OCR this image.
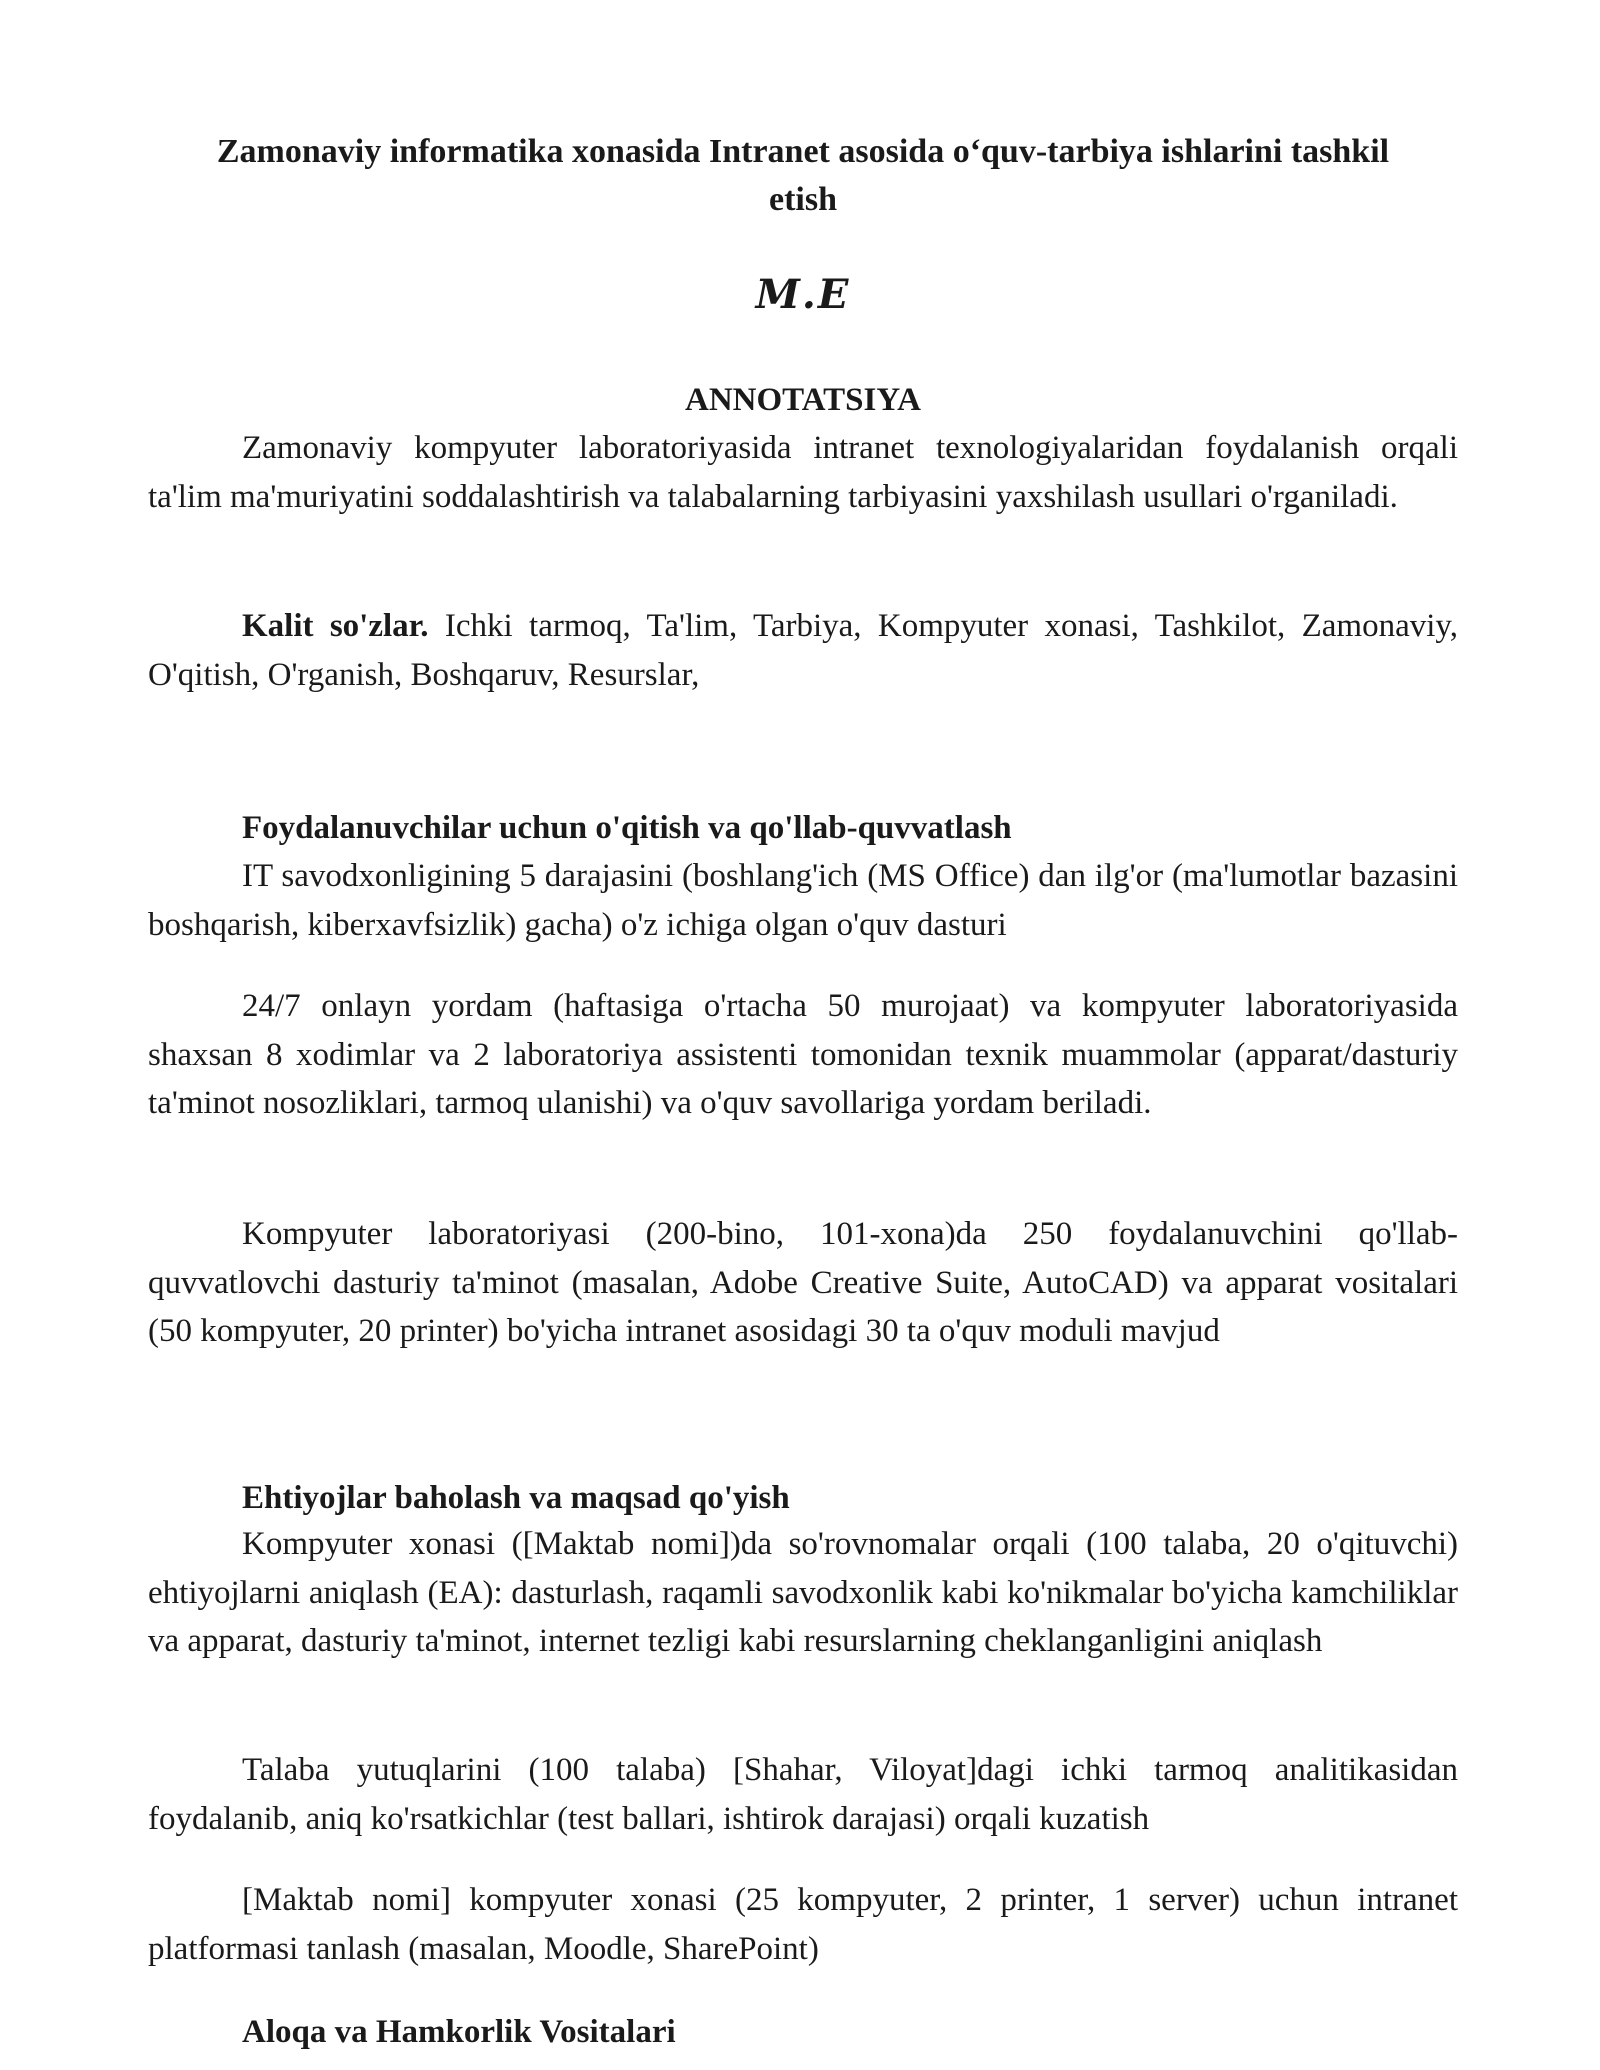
Zamonaviy informatika xonasida Intranet asosida o‘quv-tarbiya ishlarini tashkil etish
M.E
ANNOTATSIYA

Zamonaviy kompyuter laboratoriyasida intranet texnologiyalaridan foydalanish orqali ta'lim ma'muriyatini soddalashtirish va talabalarning tarbiyasini yaxshilash usullari o'rganiladi.

Kalit so'zlar. Ichki tarmoq, Ta'lim, Tarbiya, Kompyuter xonasi, Tashkilot, Zamonaviy, O'qitish, O'rganish, Boshqaruv, Resurslar,

Foydalanuvchilar uchun o'qitish va qo'llab-quvvatlash

IT savodxonligining 5 darajasini (boshlang'ich (MS Office) dan ilg'or (ma'lumotlar bazasini boshqarish, kiberxavfsizlik) gacha) o'z ichiga olgan o'quv dasturi

24/7 onlayn yordam (haftasiga o'rtacha 50 murojaat) va kompyuter laboratoriyasida shaxsan 8 xodimlar va 2 laboratoriya assistenti tomonidan texnik muammolar (apparat/dasturiy ta'minot nosozliklari, tarmoq ulanishi) va o'quv savollariga yordam beriladi.

Kompyuter laboratoriyasi (200-bino, 101-xona)da 250 foydalanuvchini qo'llab-quvvatlovchi dasturiy ta'minot (masalan, Adobe Creative Suite, AutoCAD) va apparat vositalari (50 kompyuter, 20 printer) bo'yicha intranet asosidagi 30 ta o'quv moduli mavjud

Ehtiyojlar baholash va maqsad qo'yish

Kompyuter xonasi ([Maktab nomi])da so'rovnomalar orqali (100 talaba, 20 o'qituvchi) ehtiyojlarni aniqlash (EA): dasturlash, raqamli savodxonlik kabi ko'nikmalar bo'yicha kamchiliklar va apparat, dasturiy ta'minot, internet tezligi kabi resurslarning cheklanganligini aniqlash

Talaba yutuqlarini (100 talaba) [Shahar, Viloyat]dagi ichki tarmoq analitikasidan foydalanib, aniq ko'rsatkichlar (test ballari, ishtirok darajasi) orqali kuzatish

[Maktab nomi] kompyuter xonasi (25 kompyuter, 2 printer, 1 server) uchun intranet platformasi tanlash (masalan, Moodle, SharePoint)

Aloqa va Hamkorlik Vositalari
